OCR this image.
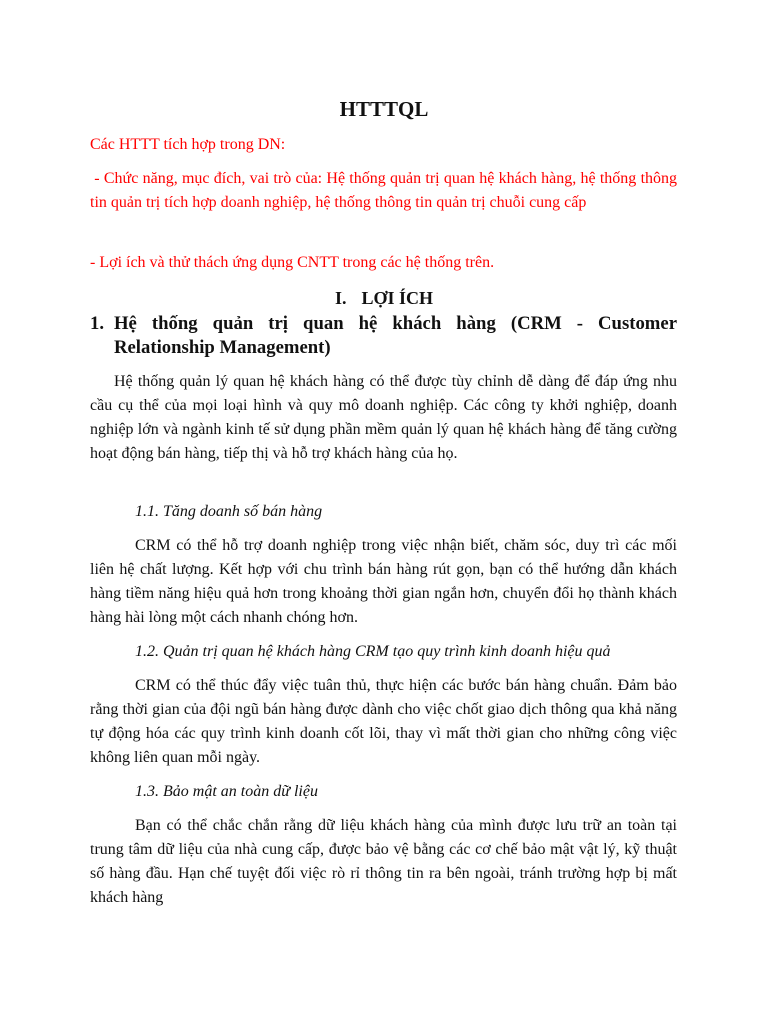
HTTTQL

Các HTTT tích hợp trong DN:

- Chức năng, mục đích, vai trò của: Hệ thống quản trị quan hệ khách hàng, hệ thống thông tin quản trị tích hợp doanh nghiệp, hệ thống thông tin quản trị chuỗi cung cấp

- Lợi ích và thử thách ứng dụng CNTT trong các hệ thống trên.

I. LỢI ÍCH
1. Hệ thống quản trị quan hệ khách hàng (CRM - Customer Relationship Management)

Hệ thống quản lý quan hệ khách hàng có thể được tùy chỉnh dễ dàng để đáp ứng nhu cầu cụ thể của mọi loại hình và quy mô doanh nghiệp. Các công ty khởi nghiệp, doanh nghiệp lớn và ngành kinh tế sử dụng phần mềm quản lý quan hệ khách hàng để tăng cường hoạt động bán hàng, tiếp thị và hỗ trợ khách hàng của họ.

1.1. Tăng doanh số bán hàng

CRM có thể hỗ trợ doanh nghiệp trong việc nhận biết, chăm sóc, duy trì các mối liên hệ chất lượng. Kết hợp với chu trình bán hàng rút gọn, bạn có thể hướng dẫn khách hàng tiềm năng hiệu quả hơn trong khoảng thời gian ngắn hơn, chuyển đổi họ thành khách hàng hài lòng một cách nhanh chóng hơn.

1.2. Quản trị quan hệ khách hàng CRM tạo quy trình kinh doanh hiệu quả

CRM có thể thúc đẩy việc tuân thủ, thực hiện các bước bán hàng chuẩn. Đảm bảo rằng thời gian của đội ngũ bán hàng được dành cho việc chốt giao dịch thông qua khả năng tự động hóa các quy trình kinh doanh cốt lõi, thay vì mất thời gian cho những công việc không liên quan mỗi ngày.

1.3. Bảo mật an toàn dữ liệu

Bạn có thể chắc chắn rằng dữ liệu khách hàng của mình được lưu trữ an toàn tại trung tâm dữ liệu của nhà cung cấp, được bảo vệ bằng các cơ chế bảo mật vật lý, kỹ thuật số hàng đầu. Hạn chế tuyệt đối việc rò rỉ thông tin ra bên ngoài, tránh trường hợp bị mất khách hàng
